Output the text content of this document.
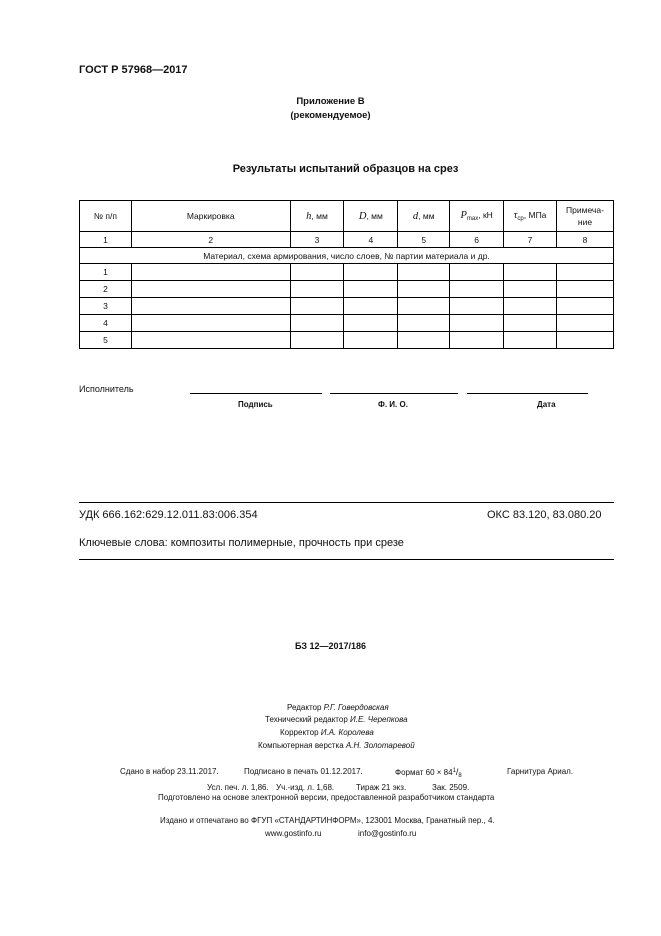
ГОСТ Р 57968—2017
Приложение В
(рекомендуемое)
Результаты испытаний образцов на срез
№ п/п	Маркировка	h, мм	D, мм	d, мм	$P_{max}$, кН	$\tau_{ср}$, МПа	Примеча-
ние
1	2	3	4	5	6	7	8
Материал, схема армирования, число слоев, № партии материала и др.							
1							
2							
3							
4							
5							
Исполнитель
Подпись	Ф. И. О.	Дата
УДК 666.162:629.12.011.83:006.354	ОКС 83.120, 83.080.20
Ключевые слова: композиты полимерные, прочность при срезе
БЗ 12—2017/186
Редактор Р.Г. Говердовская
Технический редактор И.Е. Черепкова
Корректор И.А. Королева
Компьютерная верстка А.Н. Золотаревой
Сдано в набор 23.11.2017.	Подписано в печать 01.12.2017.	Формат $60 \times 84^1/_8$	Гарнитура Ариал.
Усл. печ. л. 1,86. Уч.-изд. л. 1,68.	Тираж 21 экз.	Зак. 2509.
Подготовлено на основе электронной версии, предоставленной разработчиком стандарта
Издано и отпечатано во ФГУП «СТАНДАРТИНФОРМ», 123001 Москва, Гранатный пер., 4.
www.gostinfo.ru	info@gostinfo.ru
